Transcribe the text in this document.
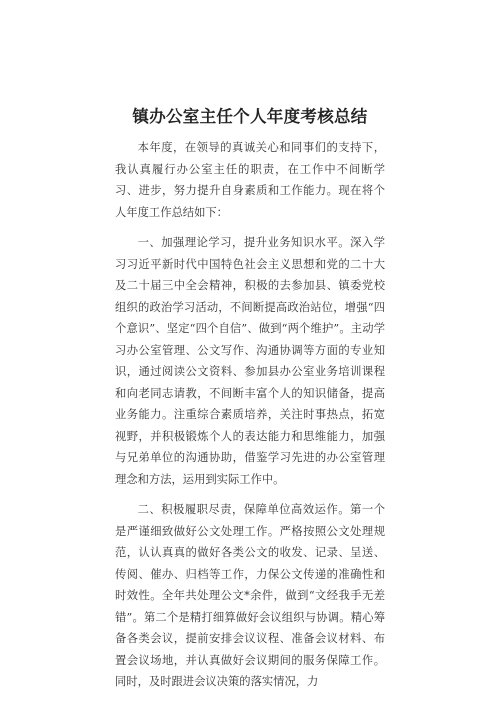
镇办公室主任个人年度考核总结

本年度，在领导的真诚关心和同事们的支持下，我认真履行办公室主任的职责，在工作中不间断学习、进步，努力提升自身素质和工作能力。现在将个人年度工作总结如下：

一、加强理论学习，提升业务知识水平。深入学习习近平新时代中国特色社会主义思想和党的二十大及二十届三中全会精神，积极的去参加县、镇委党校组织的政治学习活动，不间断提高政治站位，增强“四个意识”、坚定“四个自信”、做到“两个维护”。主动学习办公室管理、公文写作、沟通协调等方面的专业知识，通过阅读公文资料、参加县办公室业务培训课程和向老同志请教，不间断丰富个人的知识储备，提高业务能力。注重综合素质培养，关注时事热点，拓宽视野，并积极锻炼个人的表达能力和思维能力，加强与兄弟单位的沟通协助，借鉴学习先进的办公室管理理念和方法，运用到实际工作中。

二、积极履职尽责，保障单位高效运作。第一个是严谨细致做好公文处理工作。严格按照公文处理规范，认认真真的做好各类公文的收发、记录、呈送、传阅、催办、归档等工作，力保公文传递的准确性和时效性。全年共处理公文*余件，做到“文经我手无差错”。第二个是精打细算做好会议组织与协调。精心筹备各类会议，提前安排会议议程、准备会议材料、布置会议场地，并认真做好会议期间的服务保障工作。同时，及时跟进会议决策的落实情况，力
